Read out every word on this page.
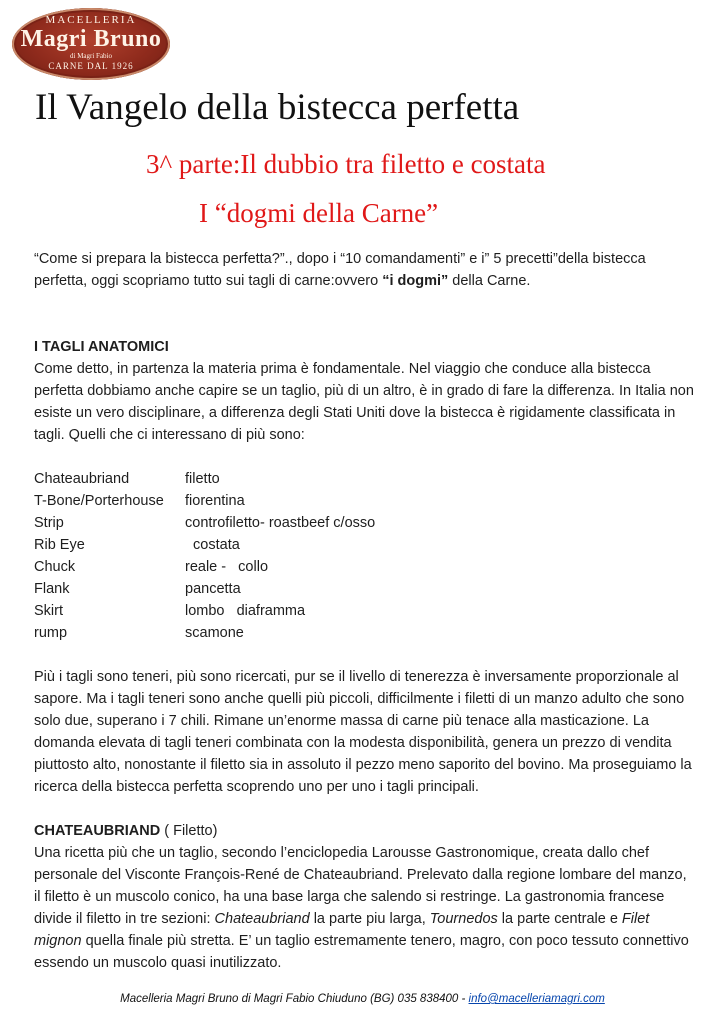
MACELLERIA
Magri Bruno
di Magri Fabio
CARNE DAL 1926
Il Vangelo della bistecca perfetta
3^ parte:Il dubbio tra filetto e costata
I “dogmi della Carne”

“Come si prepara la bistecca perfetta?”., dopo i “10 comandamenti” e i” 5 precetti”della bistecca perfetta, oggi scopriamo tutto sui tagli di carne:ovvero “i dogmi” della Carne.

I TAGLI ANATOMICI

Come detto, in partenza la materia prima è fondamentale. Nel viaggio che conduce alla bistecca perfetta dobbiamo anche capire se un taglio, più di un altro, è in grado di fare la differenza. In Italia non esiste un vero disciplinare, a differenza degli Stati Uniti dove la bistecca è rigidamente classificata in tagli. Quelli che ci interessano di più sono:

Chateaubriand	filetto
T-Bone/Porterhouse	fiorentina
Strip	controfiletto- roastbeef c/osso
Rib Eye	costata
Chuck	reale -   collo
Flank	pancetta
Skirt	lombo   diaframma
rump	scamone

Più i tagli sono teneri, più sono ricercati, pur se il livello di tenerezza è inversamente proporzionale al sapore. Ma i tagli teneri sono anche quelli più piccoli, difficilmente i filetti di un manzo adulto che sono solo due, superano i 7 chili. Rimane un’enorme massa di carne più tenace alla masticazione. La domanda elevata di tagli teneri combinata con la modesta disponibilità, genera un prezzo di vendita piuttosto alto, nonostante il filetto sia in assoluto il pezzo meno saporito del bovino. Ma proseguiamo la ricerca della bistecca perfetta scoprendo uno per uno i tagli principali.

CHATEAUBRIAND ( Filetto)

Una ricetta più che un taglio, secondo l’enciclopedia Larousse Gastronomique, creata dallo chef personale del Visconte François-René de Chateaubriand. Prelevato dalla regione lombare del manzo, il filetto è un muscolo conico, ha una base larga che salendo si restringe. La gastronomia francese divide il filetto in tre sezioni: Chateaubriand la parte piu larga, Tournedos la parte centrale e Filet mignon quella finale più stretta. E’ un taglio estremamente tenero, magro, con poco tessuto connettivo essendo un muscolo quasi inutilizzato.

Macelleria Magri Bruno di Magri Fabio Chiuduno (BG) 035 838400 - info@macelleriamagri.com
